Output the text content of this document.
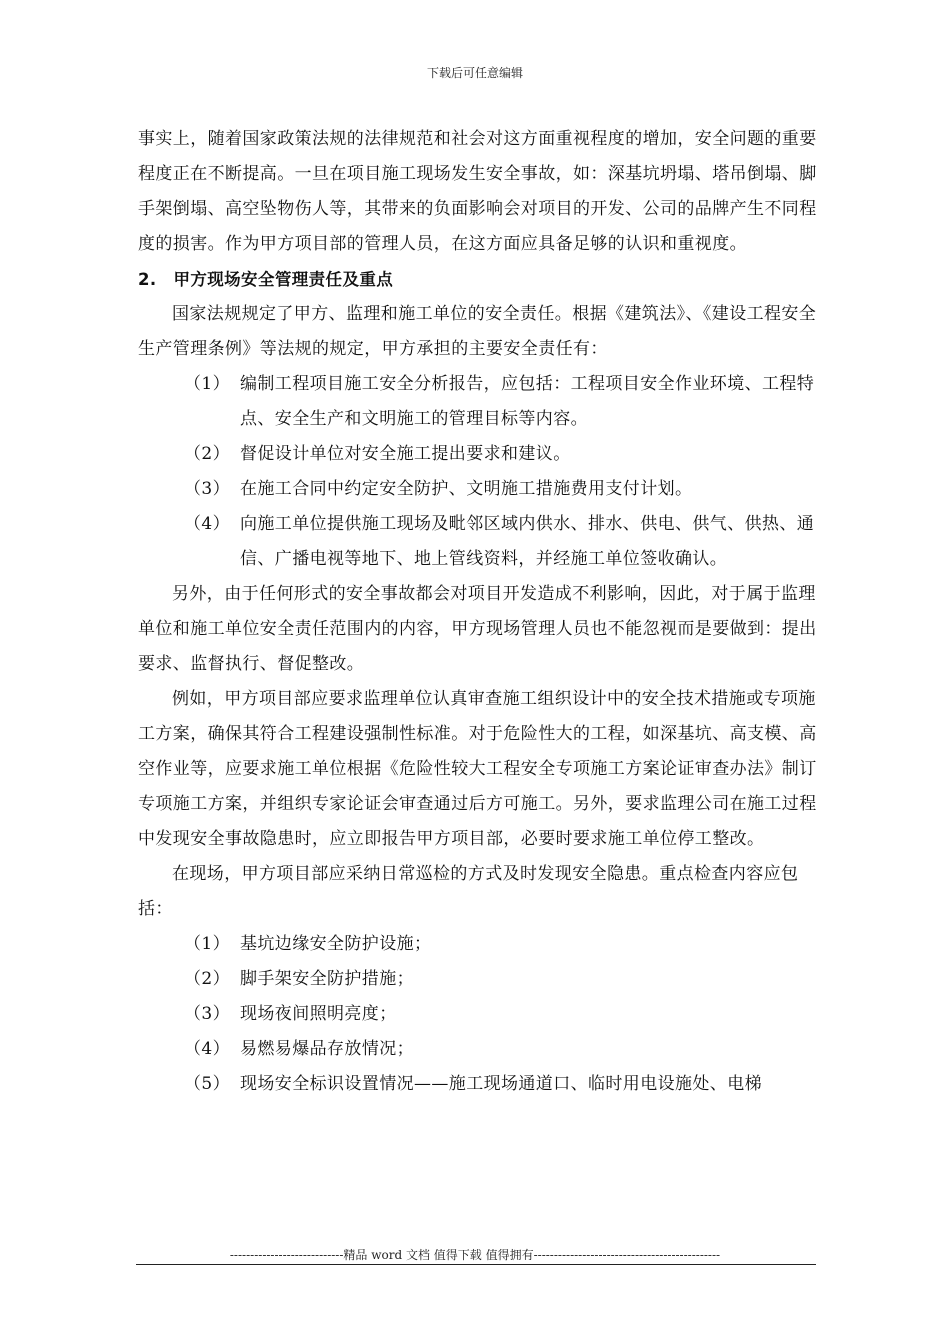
下载后可任意编辑

事实上，随着国家政策法规的法律规范和社会对这方面重视程度的增加，安全问题的重要程度正在不断提高。一旦在项目施工现场发生安全事故，如：深基坑坍塌、塔吊倒塌、脚手架倒塌、高空坠物伤人等，其带来的负面影响会对项目的开发、公司的品牌产生不同程度的损害。作为甲方项目部的管理人员，在这方面应具备足够的认识和重视度。

2.　甲方现场安全管理责任及重点

国家法规规定了甲方、监理和施工单位的安全责任。根据《建筑法》、《建设工程安全生产管理条例》等法规的规定，甲方承担的主要安全责任有：

（1） 编制工程项目施工安全分析报告，应包括：工程项目安全作业环境、工程特点、安全生产和文明施工的管理目标等内容。
（2） 督促设计单位对安全施工提出要求和建议。
（3） 在施工合同中约定安全防护、文明施工措施费用支付计划。
（4） 向施工单位提供施工现场及毗邻区域内供水、排水、供电、供气、供热、通信、广播电视等地下、地上管线资料，并经施工单位签收确认。

另外，由于任何形式的安全事故都会对项目开发造成不利影响，因此，对于属于监理单位和施工单位安全责任范围内的内容，甲方现场管理人员也不能忽视而是要做到：提出要求、监督执行、督促整改。

例如，甲方项目部应要求监理单位认真审查施工组织设计中的安全技术措施或专项施工方案，确保其符合工程建设强制性标准。对于危险性大的工程，如深基坑、高支模、高空作业等，应要求施工单位根据《危险性较大工程安全专项施工方案论证审查办法》制订专项施工方案，并组织专家论证会审查通过后方可施工。另外，要求监理公司在施工过程中发现安全事故隐患时，应立即报告甲方项目部，必要时要求施工单位停工整改。

在现场，甲方项目部应采纳日常巡检的方式及时发现安全隐患。重点检查内容应包括：

（1） 基坑边缘安全防护设施；
（2） 脚手架安全防护措施；
（3） 现场夜间照明亮度；
（4） 易燃易爆品存放情况；
（5） 现场安全标识设置情况——施工现场通道口、临时用电设施处、电梯
----------------------------精品 word 文档 值得下载 值得拥有----------------------------------------------
